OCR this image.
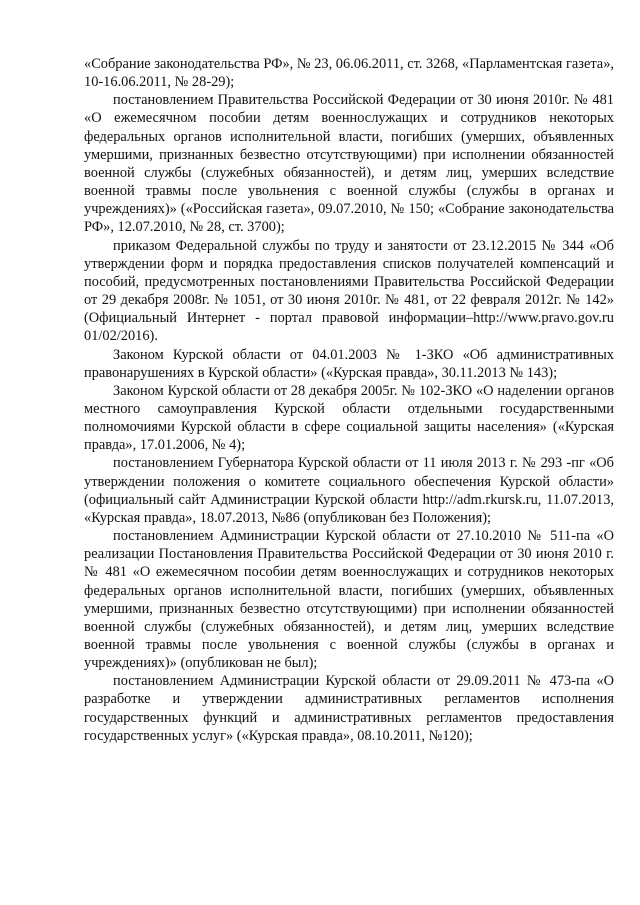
«Собрание законодательства РФ», № 23, 06.06.2011, ст. 3268, «Парламентская газета», 10-16.06.2011, № 28-29);

постановлением Правительства Российской Федерации от 30 июня 2010г. № 481 «О ежемесячном пособии детям военнослужащих и сотрудников некоторых федеральных органов исполнительной власти, погибших (умерших, объявленных умершими, признанных безвестно отсутствующими) при исполнении обязанностей военной службы (служебных обязанностей), и детям лиц, умерших вследствие военной травмы после увольнения с военной службы (службы в органах и учреждениях)» («Российская газета», 09.07.2010, № 150; «Собрание законодательства РФ», 12.07.2010, № 28, ст. 3700);

приказом Федеральной службы по труду и занятости от 23.12.2015 № 344 «Об утверждении форм и порядка предоставления списков получателей компенсаций и пособий, предусмотренных постановлениями Правительства Российской Федерации от 29 декабря 2008г. № 1051, от 30 июня 2010г. № 481, от 22 февраля 2012г. № 142» (Официальный Интернет - портал правовой информации–http://www.pravo.gov.ru 01/02/2016).

Законом Курской области от 04.01.2003 № 1-ЗКО «Об административных правонарушениях в Курской области» («Курская правда», 30.11.2013 № 143);

Законом Курской области от 28 декабря 2005г. № 102-ЗКО «О наделении органов местного самоуправления Курской области отдельными государственными полномочиями Курской области в сфере социальной защиты населения» («Курская правда», 17.01.2006, № 4);

постановлением Губернатора Курской области от 11 июля 2013 г. № 293 -пг «Об утверждении положения о комитете социального обеспечения Курской области» (официальный сайт Администрации Курской области http://adm.rkursk.ru, 11.07.2013, «Курская правда», 18.07.2013, №86 (опубликован без Положения);

постановлением Администрации Курской области от 27.10.2010 № 511-па «О реализации Постановления Правительства Российской Федерации от 30 июня 2010 г. № 481 «О ежемесячном пособии детям военнослужащих и сотрудников некоторых федеральных органов исполнительной власти, погибших (умерших, объявленных умершими, признанных безвестно отсутствующими) при исполнении обязанностей военной службы (служебных обязанностей), и детям лиц, умерших вследствие военной травмы после увольнения с военной службы (службы в органах и учреждениях)» (опубликован не был);

постановлением Администрации Курской области от 29.09.2011 № 473-па «О разработке и утверждении административных регламентов исполнения государственных функций и административных регламентов предоставления государственных услуг» («Курская правда», 08.10.2011, №120);
